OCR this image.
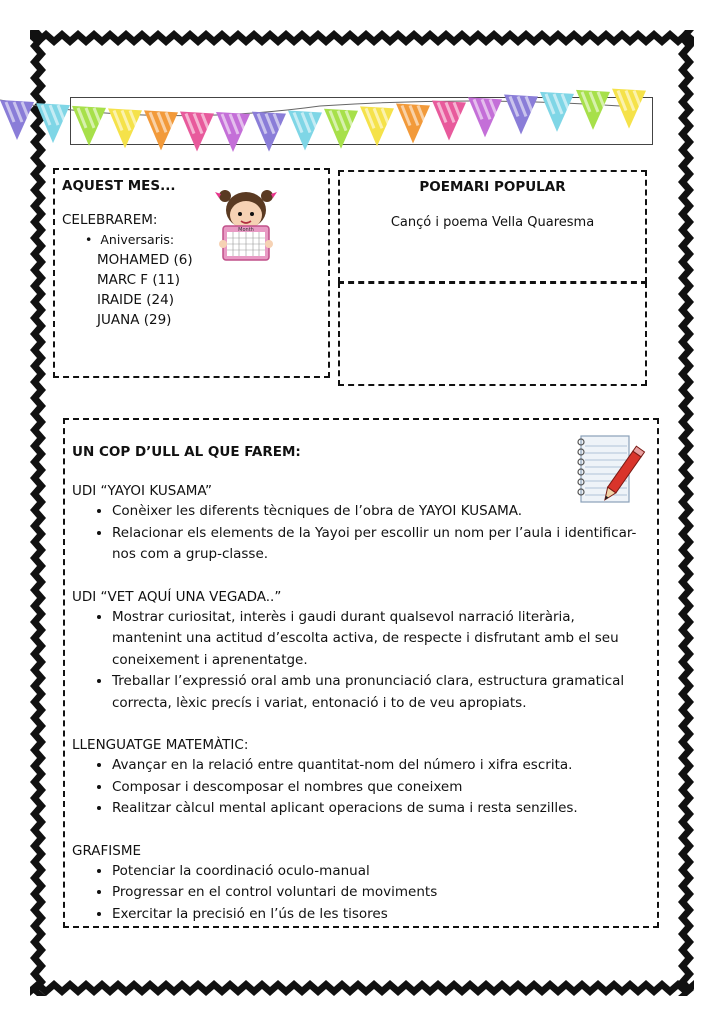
AQUEST MES...
CELEBRAREM:
• Aniversaris:
MOHAMED (6)
MARC F (11)
IRAIDE (24)
JUANA (29)
Month
POEMARI POPULAR
Cançó i poema Vella Quaresma
UN COP D’ULL AL QUE FAREM:
UDI “YAYOI KUSAMA”
• Conèixer les diferents tècniques de l’obra de YAYOI KUSAMA.
• Relacionar els elements de la Yayoi per escollir un nom per l’aula i identificar-nos com a grup-classe.
UDI “VET AQUÍ UNA VEGADA..”
• Mostrar curiositat, interès i gaudi durant qualsevol narració literària, mantenint una actitud d’escolta activa, de respecte i disfrutant amb el seu coneixement i aprenentatge.
• Treballar l’expressió oral amb una pronunciació clara, estructura gramatical correcta, lèxic precís i variat, entonació i to de veu apropiats.
LLENGUATGE MATEMÀTIC:
• Avançar en la relació entre quantitat-nom del número i xifra escrita.
• Composar i descomposar el nombres que coneixem
• Realitzar càlcul mental aplicant operacions de suma i resta senzilles.
GRAFISME
• Potenciar la coordinació oculo-manual
• Progressar en el control voluntari de moviments
• Exercitar la precisió en l’ús de les tisores
